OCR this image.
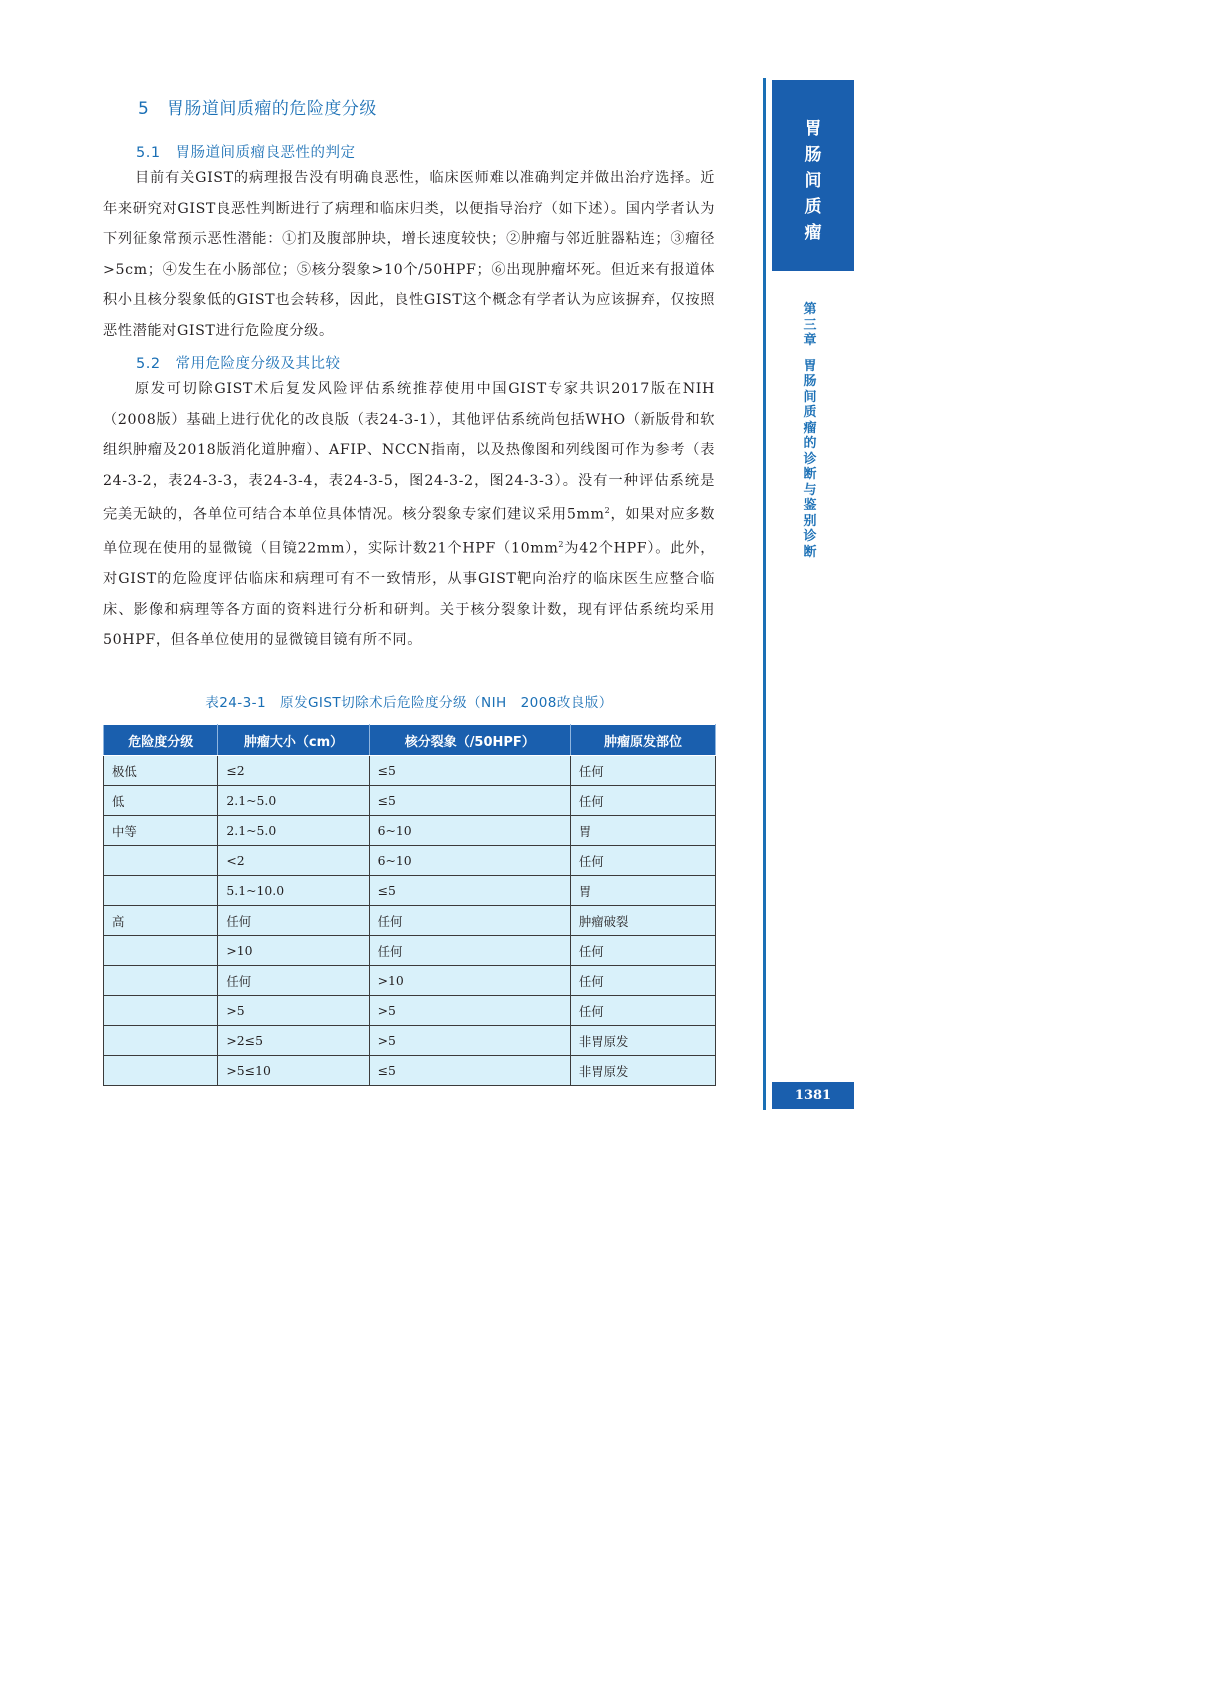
5　胃肠道间质瘤的危险度分级
5.1　胃肠道间质瘤良恶性的判定
目前有关GIST的病理报告没有明确良恶性，临床医师难以准确判定并做出治疗选择。近年来研究对GIST良恶性判断进行了病理和临床归类，以便指导治疗（如下述）。国内学者认为下列征象常预示恶性潜能：①扪及腹部肿块，增长速度较快；②肿瘤与邻近脏器粘连；③瘤径>5cm；④发生在小肠部位；⑤核分裂象>10个/50HPF；⑥出现肿瘤坏死。但近来有报道体积小且核分裂象低的GIST也会转移，因此，良性GIST这个概念有学者认为应该摒弃，仅按照恶性潜能对GIST进行危险度分级。
5.2　常用危险度分级及其比较
原发可切除GIST术后复发风险评估系统推荐使用中国GIST专家共识2017版在NIH（2008版）基础上进行优化的改良版（表24-3-1），其他评估系统尚包括WHO（新版骨和软组织肿瘤及2018版消化道肿瘤）、AFIP、NCCN指南，以及热像图和列线图可作为参考（表24-3-2，表24-3-3，表24-3-4，表24-3-5，图24-3-2，图24-3-3）。没有一种评估系统是完美无缺的，各单位可结合本单位具体情况。核分裂象专家们建议采用$5mm^2$，如果对应多数单位现在使用的显微镜（目镜22mm），实际计数21个$HPF(10mm^2$为42个HPF）。此外，对GIST的危险度评估临床和病理可有不一致情形，从事GIST靶向治疗的临床医生应整合临床、影像和病理等各方面的资料进行分析和研判。关于核分裂象计数，现有评估系统均采用50HPF，但各单位使用的显微镜目镜有所不同。
表24-3-1　原发GIST切除术后危险度分级（NIH　2008改良版）
危险度分级	肿瘤大小（cm）	核分裂象（/50HPF）	肿瘤原发部位
极低	≤2	≤5	任何
低	2.1~5.0	≤5	任何
中等	2.1~5.0	6~10	胃
	<2	6~10	任何
	5.1~10.0	≤5	胃
高	任何	任何	肿瘤破裂
	>10	任何	任何
	任何	>10	任何
	>5	>5	任何
	>2≤5	>5	非胃原发
	>5≤10	≤5	非胃原发
胃
肠
间
质
瘤
第
三
章
胃
肠
间
质
瘤
的
诊
断
与
鉴
别
诊
断
1381
